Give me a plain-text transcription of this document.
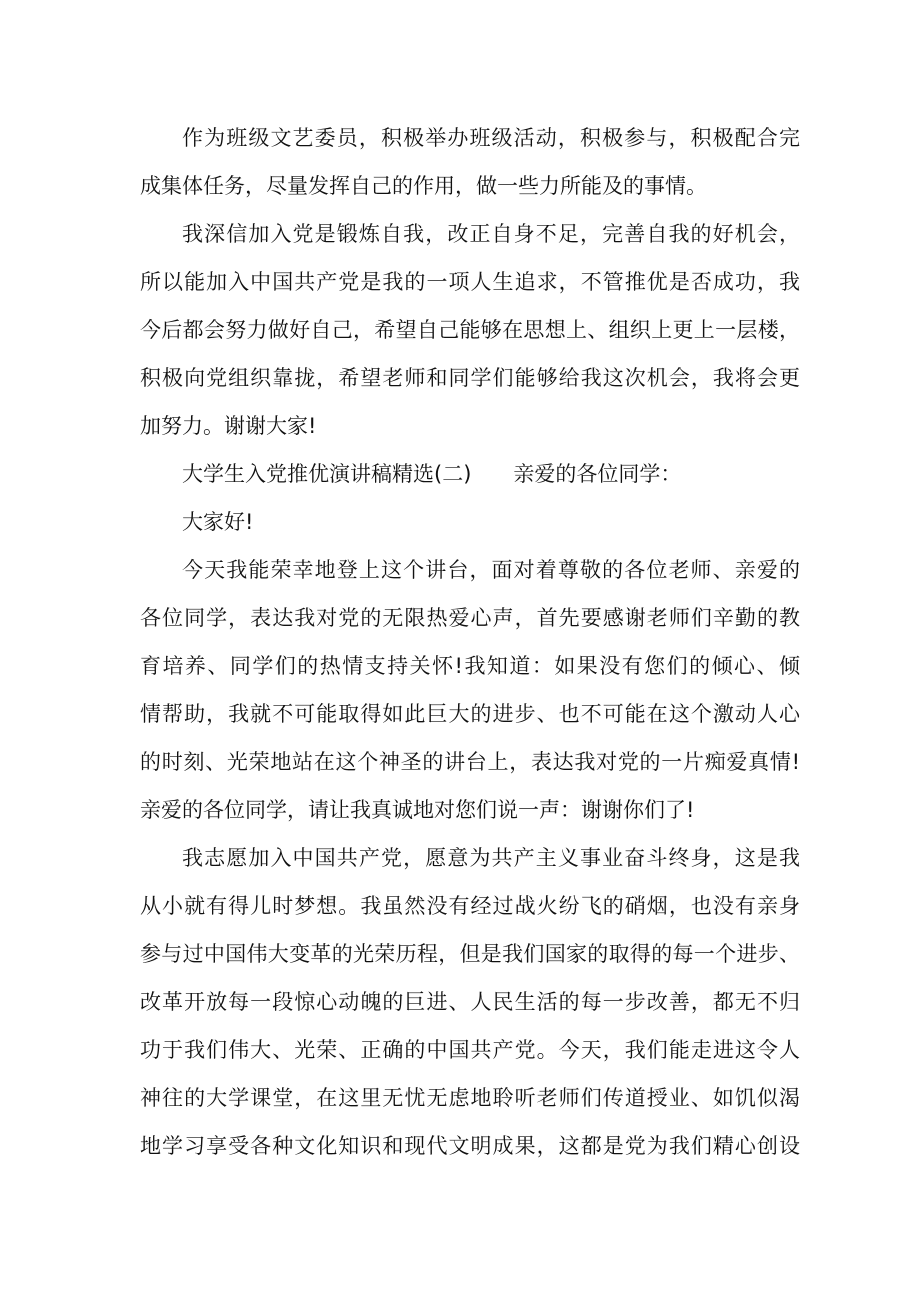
作为班级文艺委员，积极举办班级活动，积极参与，积极配合完

成集体任务，尽量发挥自己的作用，做一些力所能及的事情。

我深信加入党是锻炼自我，改正自身不足，完善自我的好机会，

所以能加入中国共产党是我的一项人生追求，不管推优是否成功，我

今后都会努力做好自己，希望自己能够在思想上、组织上更上一层楼，

积极向党组织靠拢，希望老师和同学们能够给我这次机会，我将会更

加努力。谢谢大家!

大学生入党推优演讲稿精选(二)　　亲爱的各位同学：

大家好!

今天我能荣幸地登上这个讲台，面对着尊敬的各位老师、亲爱的

各位同学，表达我对党的无限热爱心声，首先要感谢老师们辛勤的教

育培养、同学们的热情支持关怀!我知道：如果没有您们的倾心、倾

情帮助，我就不可能取得如此巨大的进步、也不可能在这个激动人心

的时刻、光荣地站在这个神圣的讲台上，表达我对党的一片痴爱真情!

亲爱的各位同学，请让我真诚地对您们说一声：谢谢你们了!

我志愿加入中国共产党，愿意为共产主义事业奋斗终身，这是我

从小就有得儿时梦想。我虽然没有经过战火纷飞的硝烟，也没有亲身

参与过中国伟大变革的光荣历程，但是我们国家的取得的每一个进步、

改革开放每一段惊心动魄的巨进、人民生活的每一步改善，都无不归

功于我们伟大、光荣、正确的中国共产党。今天，我们能走进这令人

神往的大学课堂，在这里无忧无虑地聆听老师们传道授业、如饥似渴

地学习享受各种文化知识和现代文明成果，这都是党为我们精心创设
